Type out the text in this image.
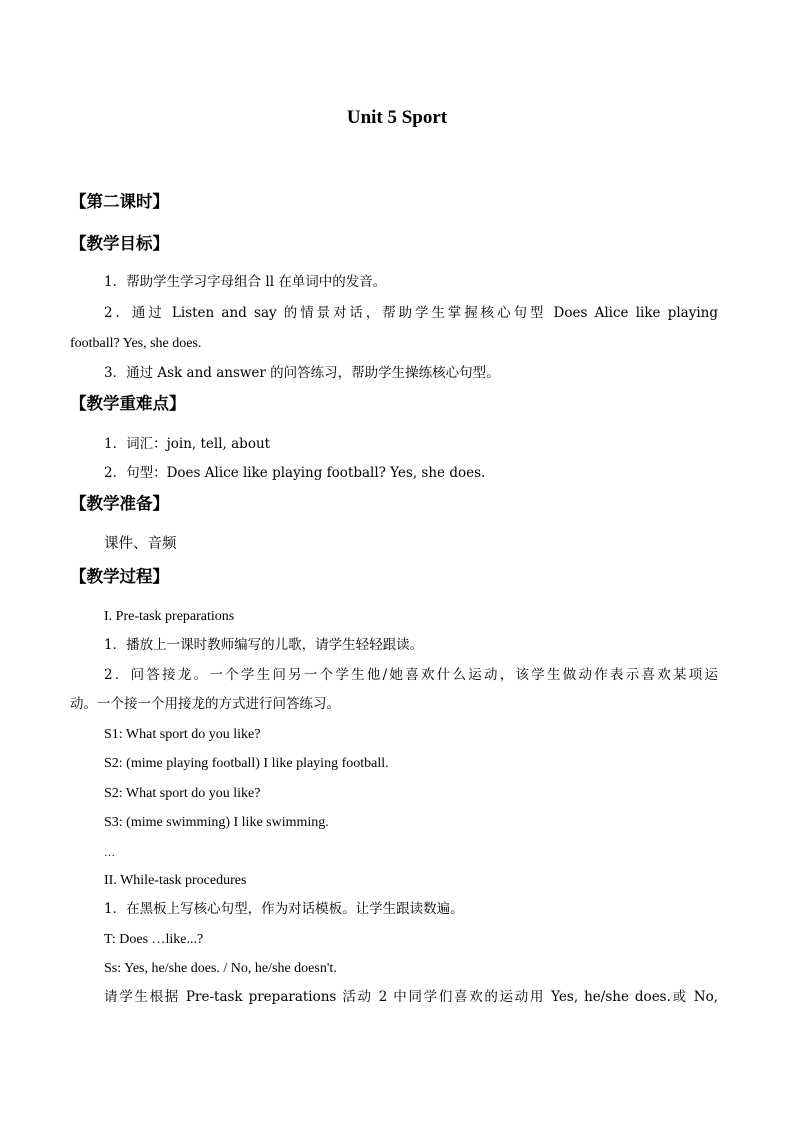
Unit 5 Sport
【第二课时】
【教学目标】
1．帮助学生学习字母组合 ll 在单词中的发音。
2．通过 Listen and say 的情景对话，帮助学生掌握核心句型 Does Alice like playing
football? Yes, she does.
3．通过 Ask and answer 的问答练习，帮助学生操练核心句型。
【教学重难点】
1．词汇：join, tell, about
2．句型：Does Alice like playing football? Yes, she does.
【教学准备】
课件、音频
【教学过程】
I. Pre-task preparations
1．播放上一课时教师编写的儿歌，请学生轻轻跟读。
2．问答接龙。一个学生问另一个学生他/她喜欢什么运动，该学生做动作表示喜欢某项运
动。一个接一个用接龙的方式进行问答练习。
S1: What sport do you like?
S2: (mime playing football) I like playing football.
S2: What sport do you like?
S3: (mime swimming) I like swimming.
…
II. While-task procedures
1．在黑板上写核心句型，作为对话模板。让学生跟读数遍。
T: Does …like...?
Ss: Yes, he/she does. / No, he/she doesn't.
请学生根据 Pre-task preparations 活动 2 中同学们喜欢的运动用 Yes, he/she does.或 No,
